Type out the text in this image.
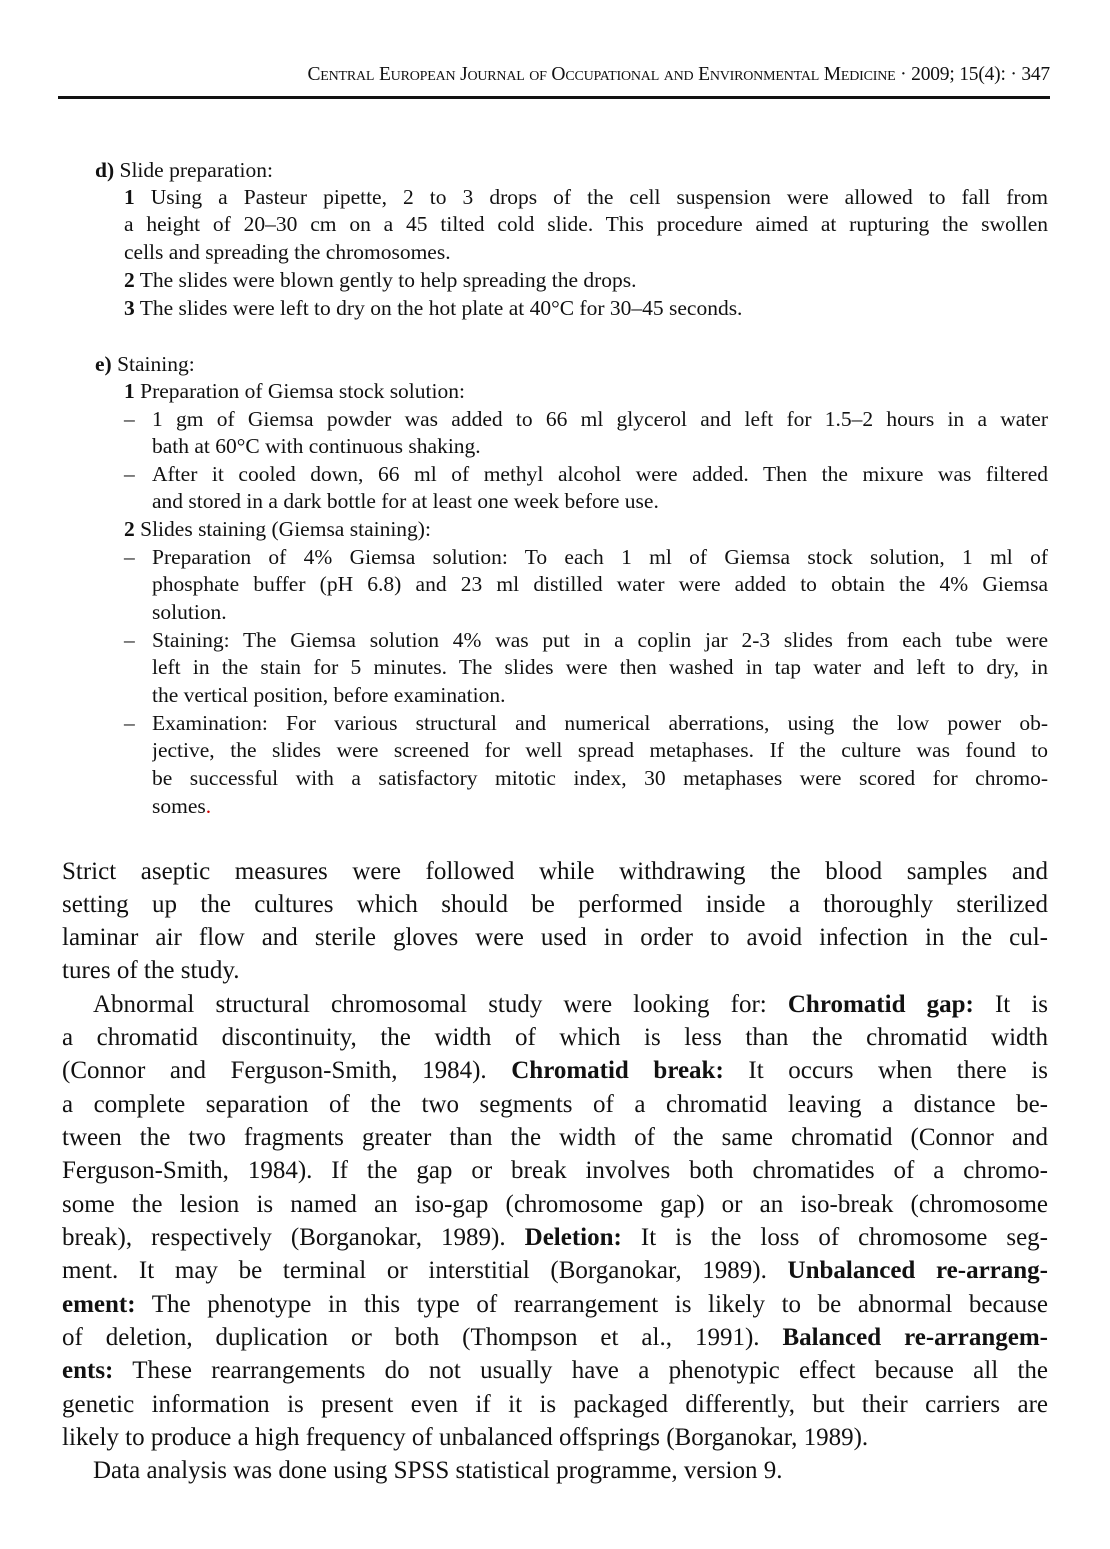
Central European Journal of Occupational and Environmental Medicine · 2009; 15(4): · 347
d) Slide preparation:
1 Using a Pasteur pipette, 2 to 3 drops of the cell suspension were allowed to fall from
a height of 20–30 cm on a 45 tilted cold slide. This procedure aimed at rupturing the swollen
cells and spreading the chromosomes.
2 The slides were blown gently to help spreading the drops.
3 The slides were left to dry on the hot plate at 40°C for 30–45 seconds.
e) Staining:
1 Preparation of Giemsa stock solution:
– 1 gm of Giemsa powder was added to 66 ml glycerol and left for 1.5–2 hours in a water
bath at 60°C with continuous shaking.
– After it cooled down, 66 ml of methyl alcohol were added. Then the mixure was filtered
and stored in a dark bottle for at least one week before use.
2 Slides staining (Giemsa staining):
– Preparation of 4% Giemsa solution: To each 1 ml of Giemsa stock solution, 1 ml of
phosphate buffer (pH 6.8) and 23 ml distilled water were added to obtain the 4% Giemsa
solution.
– Staining: The Giemsa solution 4% was put in a coplin jar 2-3 slides from each tube were
left in the stain for 5 minutes. The slides were then washed in tap water and left to dry, in
the vertical position, before examination.
– Examination: For various structural and numerical aberrations, using the low power ob-
jective, the slides were screened for well spread metaphases. If the culture was found to
be successful with a satisfactory mitotic index, 30 metaphases were scored for chromo-
somes.
Strict aseptic measures were followed while withdrawing the blood samples and
setting up the cultures which should be performed inside a thoroughly sterilized
laminar air flow and sterile gloves were used in order to avoid infection in the cul-
tures of the study.
Abnormal structural chromosomal study were looking for: Chromatid gap: It is
a chromatid discontinuity, the width of which is less than the chromatid width
(Connor and Ferguson-Smith, 1984). Chromatid break: It occurs when there is
a complete separation of the two segments of a chromatid leaving a distance be-
tween the two fragments greater than the width of the same chromatid (Connor and
Ferguson-Smith, 1984). If the gap or break involves both chromatides of a chromo-
some the lesion is named an iso-gap (chromosome gap) or an iso-break (chromosome
break), respectively (Borganokar, 1989). Deletion: It is the loss of chromosome seg-
ment. It may be terminal or interstitial (Borganokar, 1989). Unbalanced re-arrang-
ement: The phenotype in this type of rearrangement is likely to be abnormal because
of deletion, duplication or both (Thompson et al., 1991). Balanced re-arrangem-
ents: These rearrangements do not usually have a phenotypic effect because all the
genetic information is present even if it is packaged differently, but their carriers are
likely to produce a high frequency of unbalanced offsprings (Borganokar, 1989).
Data analysis was done using SPSS statistical programme, version 9.
